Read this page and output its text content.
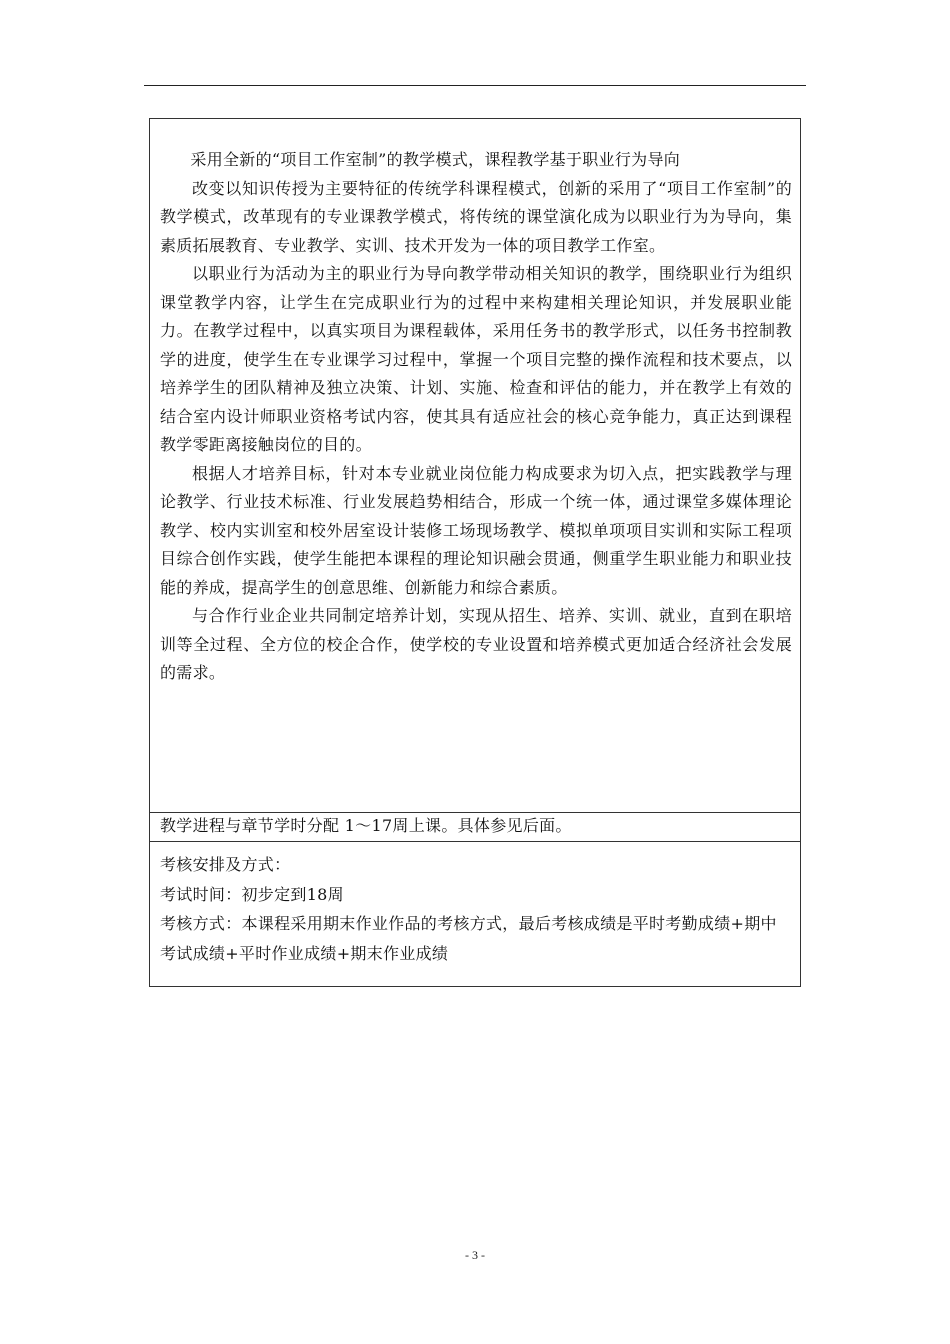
采用全新的“项目工作室制”的教学模式，课程教学基于职业行为导向

改变以知识传授为主要特征的传统学科课程模式，创新的采用了“项目工作室制”的教学模式，改革现有的专业课教学模式，将传统的课堂演化成为以职业行为为导向，集素质拓展教育、专业教学、实训、技术开发为一体的项目教学工作室。

以职业行为活动为主的职业行为导向教学带动相关知识的教学，围绕职业行为组织课堂教学内容，让学生在完成职业行为的过程中来构建相关理论知识，并发展职业能力。在教学过程中，以真实项目为课程载体，采用任务书的教学形式，以任务书控制教学的进度，使学生在专业课学习过程中，掌握一个项目完整的操作流程和技术要点，以培养学生的团队精神及独立决策、计划、实施、检查和评估的能力，并在教学上有效的结合室内设计师职业资格考试内容，使其具有适应社会的核心竞争能力，真正达到课程教学零距离接触岗位的目的。

根据人才培养目标，针对本专业就业岗位能力构成要求为切入点，把实践教学与理论教学、行业技术标准、行业发展趋势相结合，形成一个统一体，通过课堂多媒体理论教学、校内实训室和校外居室设计装修工场现场教学、模拟单项项目实训和实际工程项目综合创作实践，使学生能把本课程的理论知识融会贯通，侧重学生职业能力和职业技能的养成，提高学生的创意思维、创新能力和综合素质。

与合作行业企业共同制定培养计划，实现从招生、培养、实训、就业，直到在职培训等全过程、全方位的校企合作，使学校的专业设置和培养模式更加适合经济社会发展的需求。

教学进程与章节学时分配 1～17周上课。具体参见后面。

考核安排及方式：

考试时间：初步定到18周

考核方式：本课程采用期末作业作品的考核方式，最后考核成绩是平时考勤成绩+期中考试成绩+平时作业成绩+期末作业成绩

- 3 -
